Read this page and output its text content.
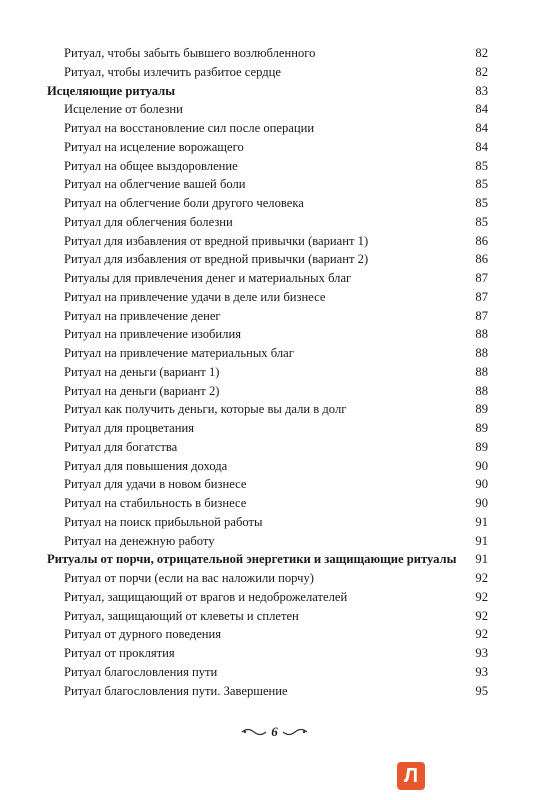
Ритуал, чтобы забыть бывшего возлюбленного	82
Ритуал, чтобы излечить разбитое сердце	82
Исцеляющие ритуалы	83
Исцеление от болезни	84
Ритуал на восстановление сил после операции	84
Ритуал на исцеление ворожащего	84
Ритуал на общее выздоровление	85
Ритуал на облегчение вашей боли	85
Ритуал на облегчение боли другого человека	85
Ритуал для облегчения болезни	85
Ритуал для избавления от вредной привычки (вариант 1)	86
Ритуал для избавления от вредной привычки (вариант 2)	86
Ритуалы для привлечения денег и материальных благ	87
Ритуал на привлечение удачи в деле или бизнесе	87
Ритуал на привлечение денег	87
Ритуал на привлечение изобилия	88
Ритуал на привлечение материальных благ	88
Ритуал на деньги (вариант 1)	88
Ритуал на деньги (вариант 2)	88
Ритуал как получить деньги, которые вы дали в долг	89
Ритуал для процветания	89
Ритуал для богатства	89
Ритуал для повышения дохода	90
Ритуал для удачи в новом бизнесе	90
Ритуал на стабильность в бизнесе	90
Ритуал на поиск прибыльной работы	91
Ритуал на денежную работу	91
Ритуалы от порчи, отрицательной энергетики и защищающие ритуалы 91
Ритуал от порчи (если на вас наложили порчу)	92
Ритуал, защищающий от врагов и недоброжелателей	92
Ритуал, защищающий от клеветы и сплетен	92
Ритуал от дурного поведения	92
Ритуал от проклятия	93
Ритуал благословления пути	93
Ритуал благословления пути. Завершение	95
6
Л
